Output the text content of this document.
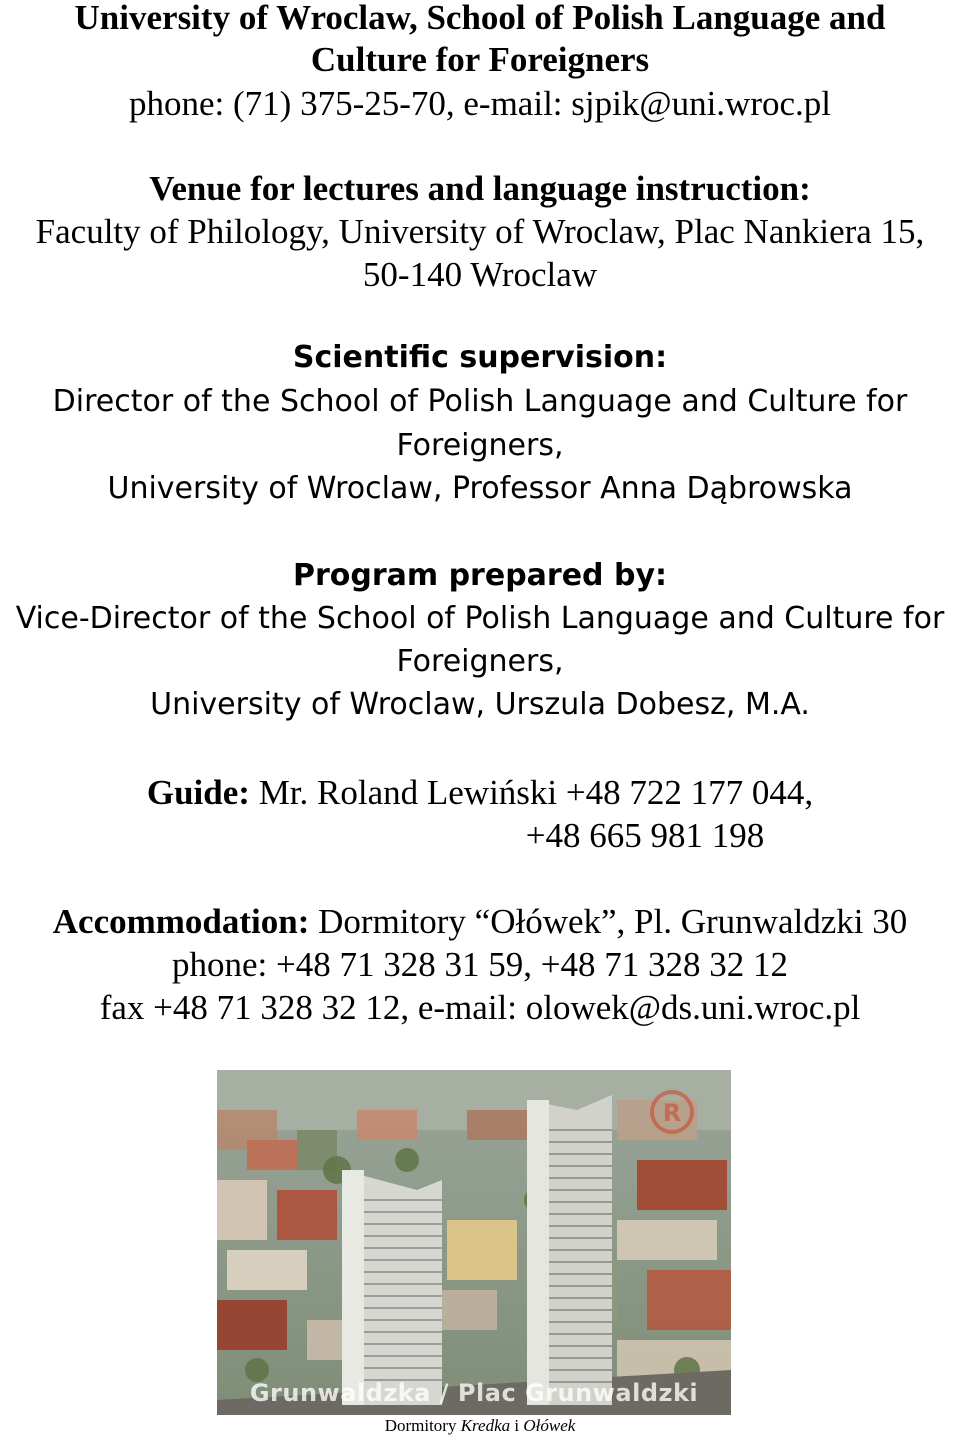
University of Wroclaw, School of Polish Language and
Culture for Foreigners
phone: (71) 375-25-70, e-mail: sjpik@uni.wroc.pl
Venue for lectures and language instruction:
Faculty of Philology, University of Wroclaw, Plac Nankiera 15,
50-140 Wroclaw
Scientific supervision:
Director of the School of Polish Language and Culture for
Foreigners,
University of Wroclaw, Professor Anna Dąbrowska
Program prepared by:
Vice-Director of the School of Polish Language and Culture for
Foreigners,
University of Wroclaw, Urszula Dobesz, M.A.
Guide: Mr. Roland Lewiński +48 722 177 044,
+48 665 981 198
Accommodation: Dormitory “Ołówek”, Pl. Grunwaldzki 30
phone: +48 71 328 31 59, +48 71 328 32 12
fax +48 71 328 32 12, e-mail: olowek@ds.uni.wroc.pl
R
Grunwaldzka / Plac Grunwaldzki
Dormitory Kredka i Ołówek
